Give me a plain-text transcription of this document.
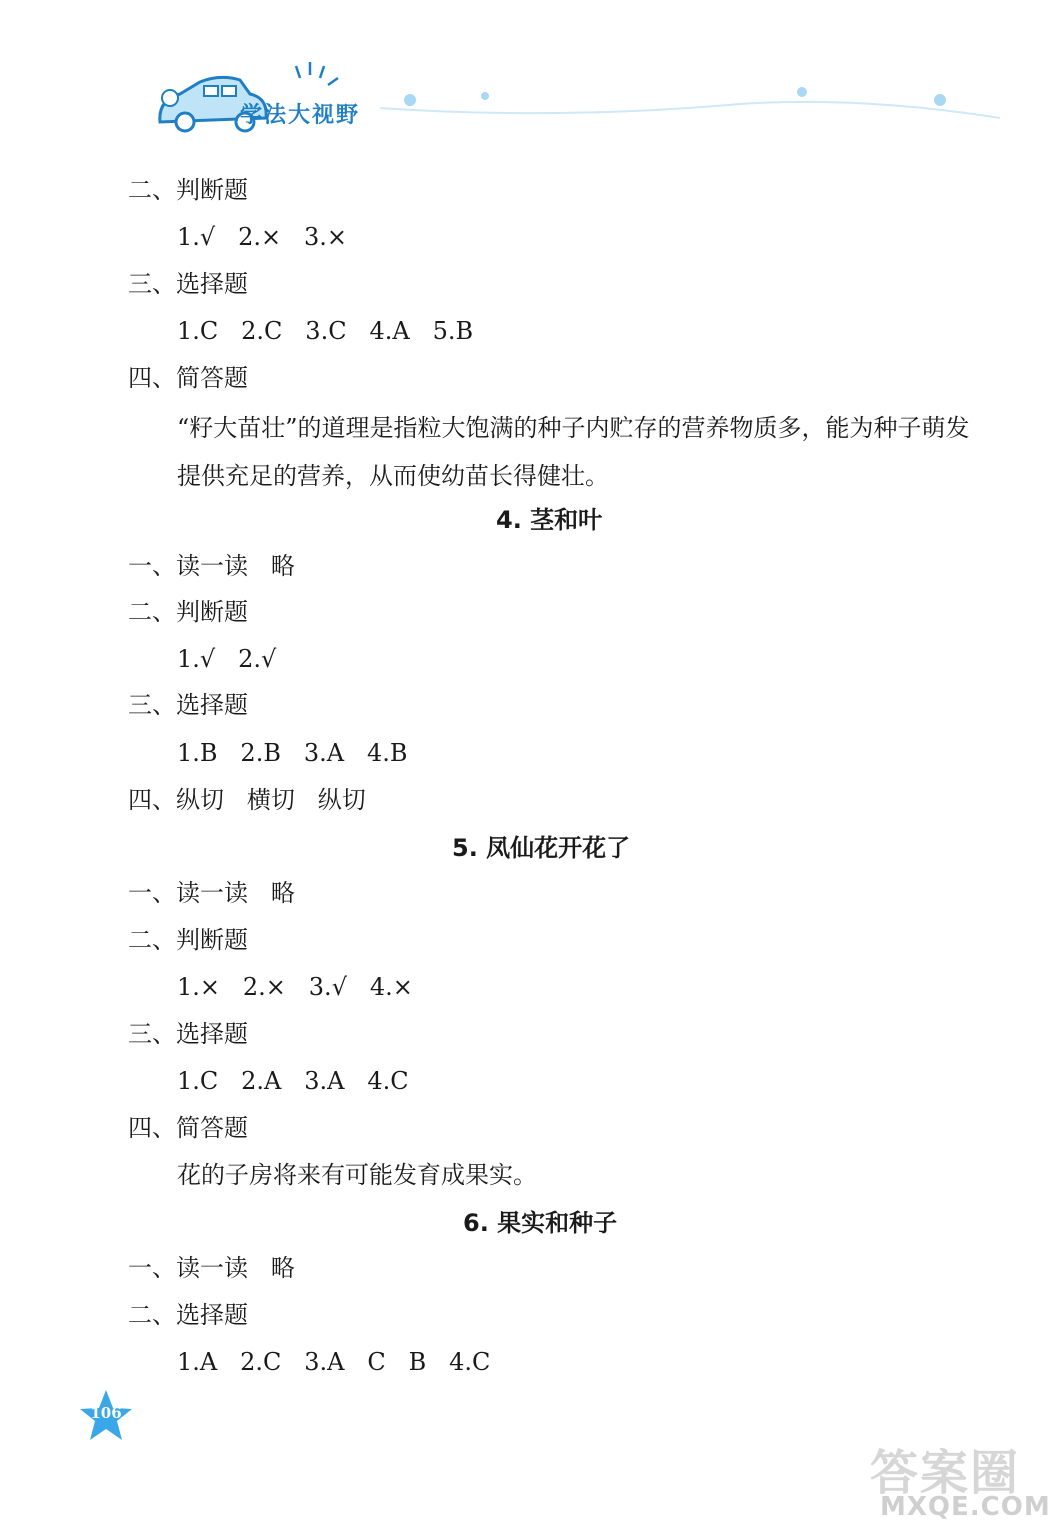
学法大视野
二、判断题
1.√   2.×   3.×
三、选择题
1.C   2.C   3.C   4.A   5.B
四、简答题
“籽大苗壮”的道理是指粒大饱满的种子内贮存的营养物质多，能为种子萌发提供充足的营养，从而使幼苗长得健壮。
4. 茎和叶
一、读一读   略
二、判断题
1.√   2.√
三、选择题
1.B   2.B   3.A   4.B
四、纵切   横切   纵切
5. 凤仙花开花了
一、读一读   略
二、判断题
1.×   2.×   3.√   4.×
三、选择题
1.C   2.A   3.A   4.C
四、简答题
花的子房将来有可能发育成果实。
6. 果实和种子
一、读一读   略
二、选择题
1.A   2.C   3.A   C   B   4.C
106
答案圈
MXQE.COM
